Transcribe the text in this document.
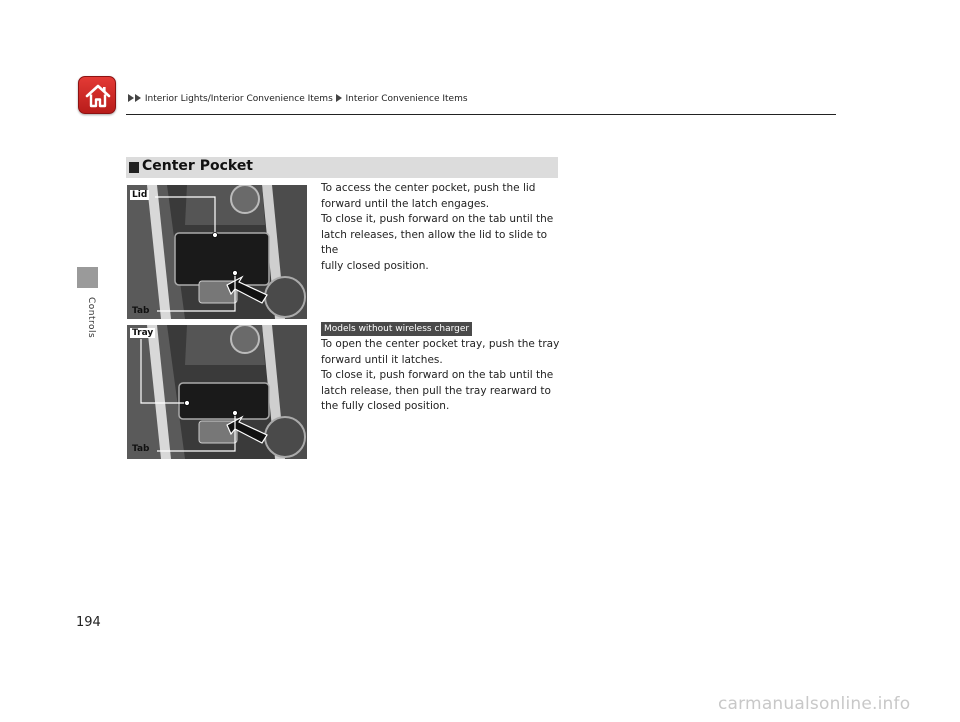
Interior Lights/Interior Convenience Items Interior Convenience Items
Controls
Center Pocket
Lid
Tab
Tray
Tab
To access the center pocket, push the lid
forward until the latch engages.
To close it, push forward on the tab until the
latch releases, then allow the lid to slide to the
fully closed position.
Models without wireless charger
To open the center pocket tray, push the tray
forward until it latches.
To close it, push forward on the tab until the
latch release, then pull the tray rearward to
the fully closed position.
194
carmanualsonline.info
